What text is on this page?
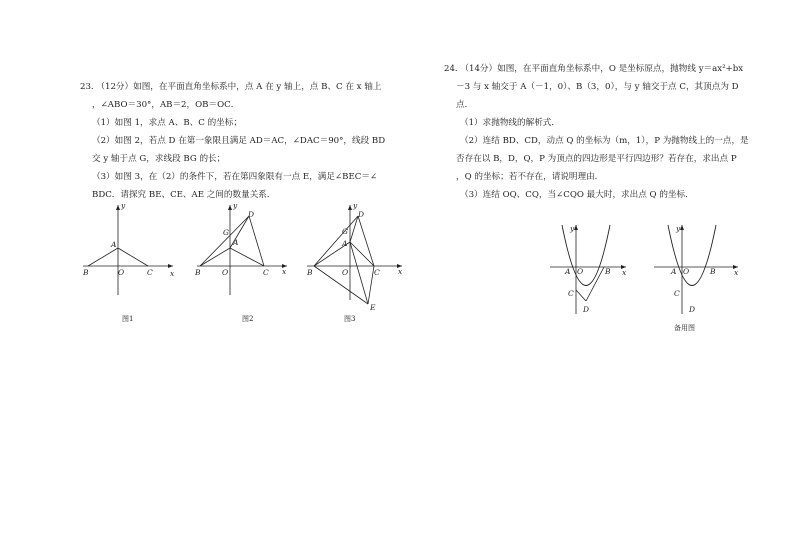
23. （12分）如图，在平面直角坐标系中，点 A 在 y 轴上，点 B、C 在 x 轴上

，∠ABO＝30°，AB＝2，OB＝OC．

（1）如图 1，求点 A、B、C 的坐标；

（2）如图 2，若点 D 在第一象限且满足 AD＝AC，∠DAC＝90°，线段 BD

交 y 轴于点 G，求线段 BG 的长；

（3）如图 3，在（2）的条件下，若在第四象限有一点 E，满足∠BEC＝∠

BDC．请探究 BE、CE、AE 之间的数量关系．

y
x
A
B	O	C
图1
y
x
D
G
A
B	O	C
图2
y
x
D
G
A
B	O	C
E
图3

24. （14分）如图，在平面直角坐标系中，O 是坐标原点，抛物线 y＝ax²+bx

－3 与 x 轴交于 A（－1，0）、B（3，0），与 y 轴交于点 C，其顶点为 D

点．

（1）求抛物线的解析式．

（2）连结 BD、CD，动点 Q 的坐标为（m，1），P 为抛物线上的一点，是

否存在以 B，D，Q，P 为顶点的四边形是平行四边形？若存在，求出点 P

，Q 的坐标；若不存在，请说明理由．

（3）连结 OQ、CQ，当∠CQO 最大时，求出点 Q 的坐标．

y
x
A O	B
C
D
y
x
A O	B
C
D
备用图
